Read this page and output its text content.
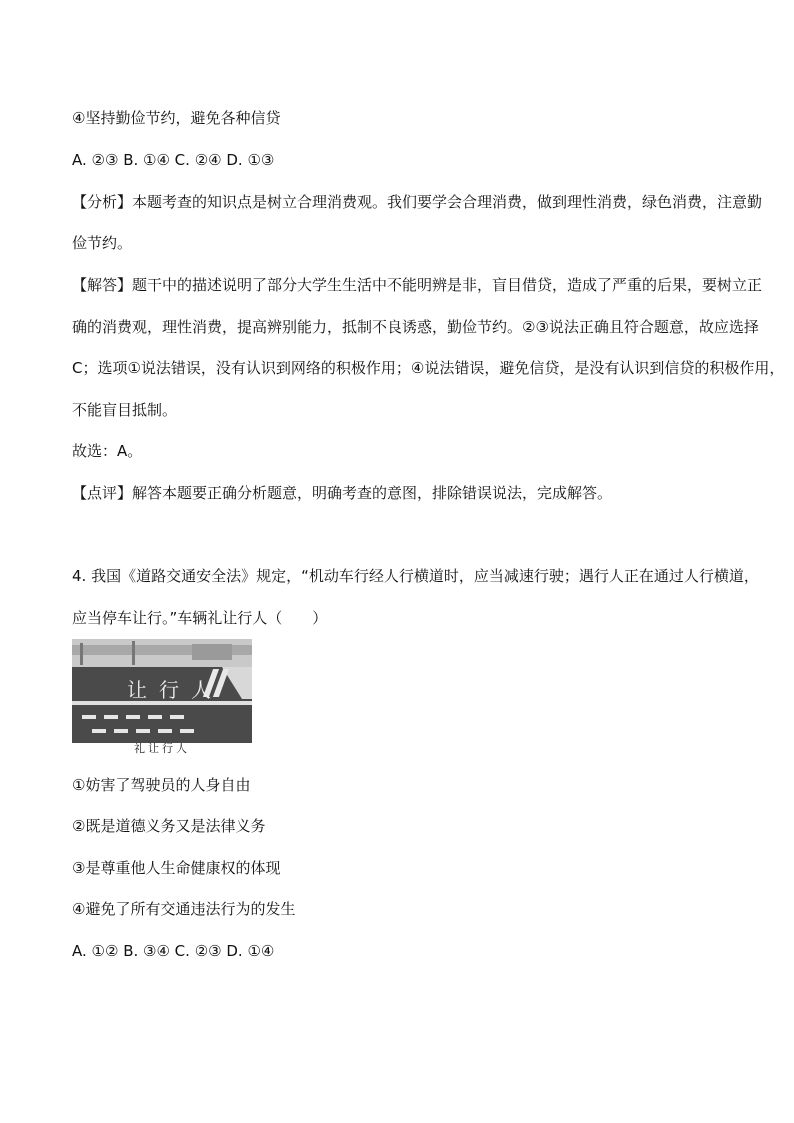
④坚持勤俭节约，避免各种信贷
A. ②③ B. ①④ C. ②④ D. ①③
【分析】本题考查的知识点是树立合理消费观。我们要学会合理消费，做到理性消费，绿色消费，注意勤
俭节约。
【解答】题干中的描述说明了部分大学生生活中不能明辨是非，盲目借贷，造成了严重的后果，要树立正
确的消费观，理性消费，提高辨别能力，抵制不良诱惑，勤俭节约。②③说法正确且符合题意，故应选择
C；选项①说法错误，没有认识到网络的积极作用；④说法错误，避免信贷，是没有认识到信贷的积极作用，
不能盲目抵制。
故选：A。
【点评】解答本题要正确分析题意，明确考查的意图，排除错误说法，完成解答。
4. 我国《道路交通安全法》规定，“机动车行经人行横道时，应当减速行驶；遇行人正在通过人行横道，
应当停车让行。”车辆礼让行人（　　）
让行人
礼让行人
①妨害了驾驶员的人身自由
②既是道德义务又是法律义务
③是尊重他人生命健康权的体现
④避免了所有交通违法行为的发生
A. ①② B. ③④ C. ②③ D. ①④
